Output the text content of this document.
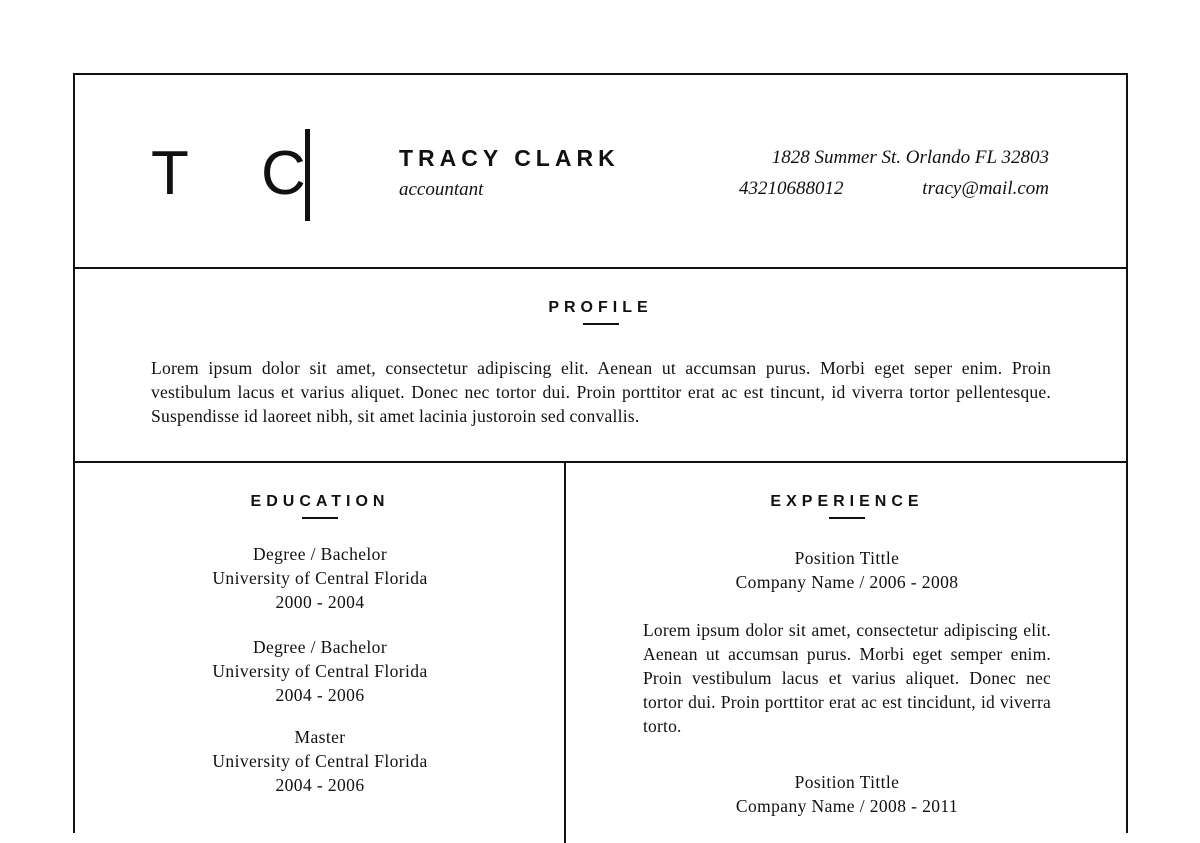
T C	TRACY CLARK
accountant
1828 Summer St. Orlando FL 32803
43210688012	tracy@mail.com
PROFILE
Lorem ipsum dolor sit amet, consectetur adipiscing elit. Aenean ut accumsan purus. Morbi eget seper enim. Proin vestibulum lacus et varius aliquet. Donec nec tortor dui. Proin porttitor erat ac est tincunt, id viverra tortor pellentesque. Suspendisse id laoreet nibh, sit amet lacinia justoroin sed convallis.
EDUCATION
Degree / Bachelor
University of Central Florida
2000 - 2004
Degree / Bachelor
University of Central Florida
2004 - 2006
Master
University of Central Florida
2004 - 2006
EXPERIENCE
Position Tittle
Company Name / 2006 - 2008
Lorem ipsum dolor sit amet, consectetur adipiscing elit. Aenean ut accumsan purus. Morbi eget semper enim. Proin vestibulum lacus et varius aliquet. Donec nec tortor dui. Proin porttitor erat ac est tincidunt, id viverra torto.
Position Tittle
Company Name / 2008 - 2011
